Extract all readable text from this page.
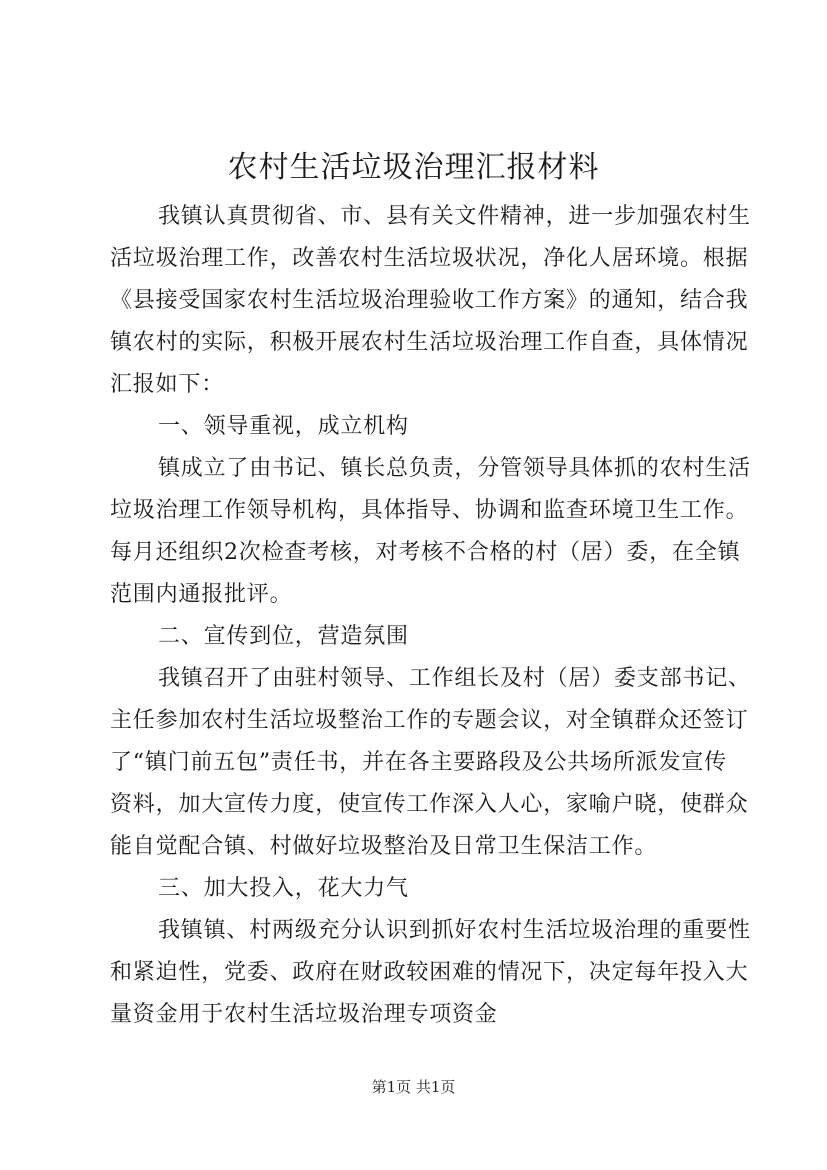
农村生活垃圾治理汇报材料
我镇认真贯彻省、市、县有关文件精神，进一步加强农村生
活垃圾治理工作，改善农村生活垃圾状况，净化人居环境。根据
《县接受国家农村生活垃圾治理验收工作方案》的通知，结合我
镇农村的实际，积极开展农村生活垃圾治理工作自查，具体情况
汇报如下：
一、领导重视，成立机构
镇成立了由书记、镇长总负责，分管领导具体抓的农村生活
垃圾治理工作领导机构，具体指导、协调和监查环境卫生工作。
每月还组织2次检查考核，对考核不合格的村（居）委，在全镇
范围内通报批评。
二、宣传到位，营造氛围
我镇召开了由驻村领导、工作组长及村（居）委支部书记、
主任参加农村生活垃圾整治工作的专题会议，对全镇群众还签订
了“镇门前五包”责任书，并在各主要路段及公共场所派发宣传
资料，加大宣传力度，使宣传工作深入人心，家喻户晓，使群众
能自觉配合镇、村做好垃圾整治及日常卫生保洁工作。
三、加大投入，花大力气
我镇镇、村两级充分认识到抓好农村生活垃圾治理的重要性
和紧迫性，党委、政府在财政较困难的情况下，决定每年投入大
量资金用于农村生活垃圾治理专项资金
第1页 共1页
